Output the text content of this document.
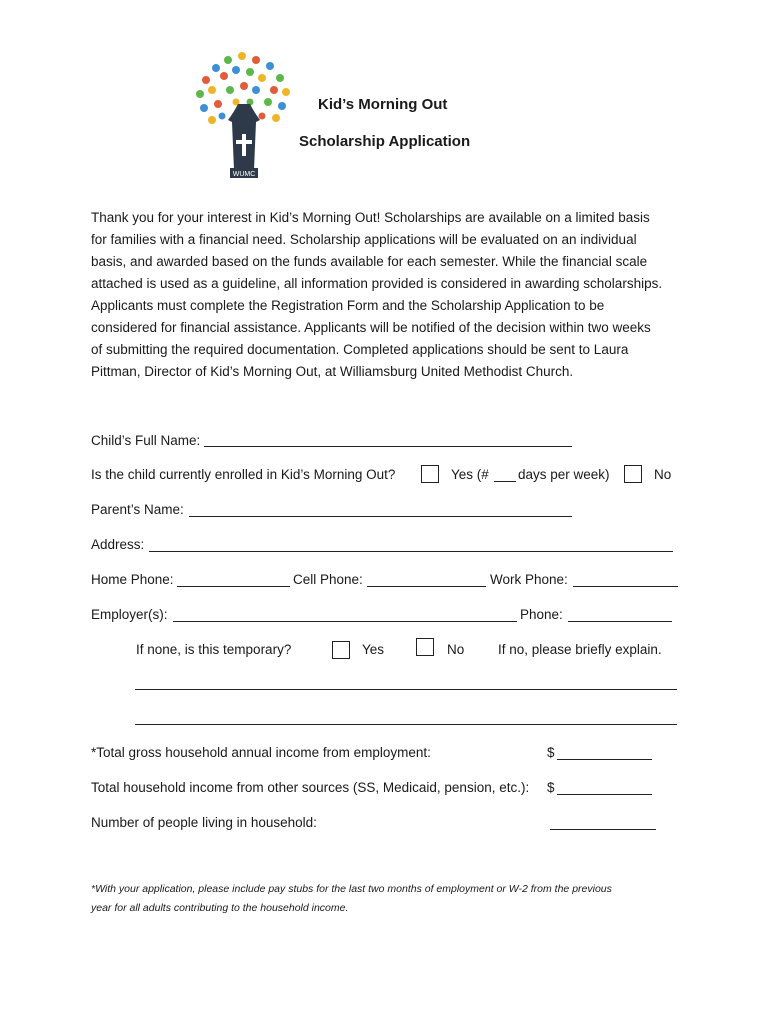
WUMC
Kid’s Morning Out
Scholarship Application

Thank you for your interest in Kid’s Morning Out! Scholarships are available on a limited basis

for families with a financial need. Scholarship applications will be evaluated on an individual

basis, and awarded based on the funds available for each semester. While the financial scale

attached is used as a guideline, all information provided is considered in awarding scholarships.

Applicants must complete the Registration Form and the Scholarship Application to be

considered for financial assistance. Applicants will be notified of the decision within two weeks

of submitting the required documentation. Completed applications should be sent to Laura

Pittman, Director of Kid’s Morning Out, at Williamsburg United Methodist Church.

Child’s Full Name:
Is the child currently enrolled in Kid’s Morning Out?	Yes (# days per week)	No
Parent’s Name:
Address:
Home Phone:	Cell Phone:	Work Phone:
Employer(s):	Phone:
If none, is this temporary?	Yes	No If no, please briefly explain.
*Total gross household annual income from employment:	$
Total household income from other sources (SS, Medicaid, pension, etc.): $
Number of people living in household:
*With your application, please include pay stubs for the last two months of employment or W-2 from the previous
year for all adults contributing to the household income.
